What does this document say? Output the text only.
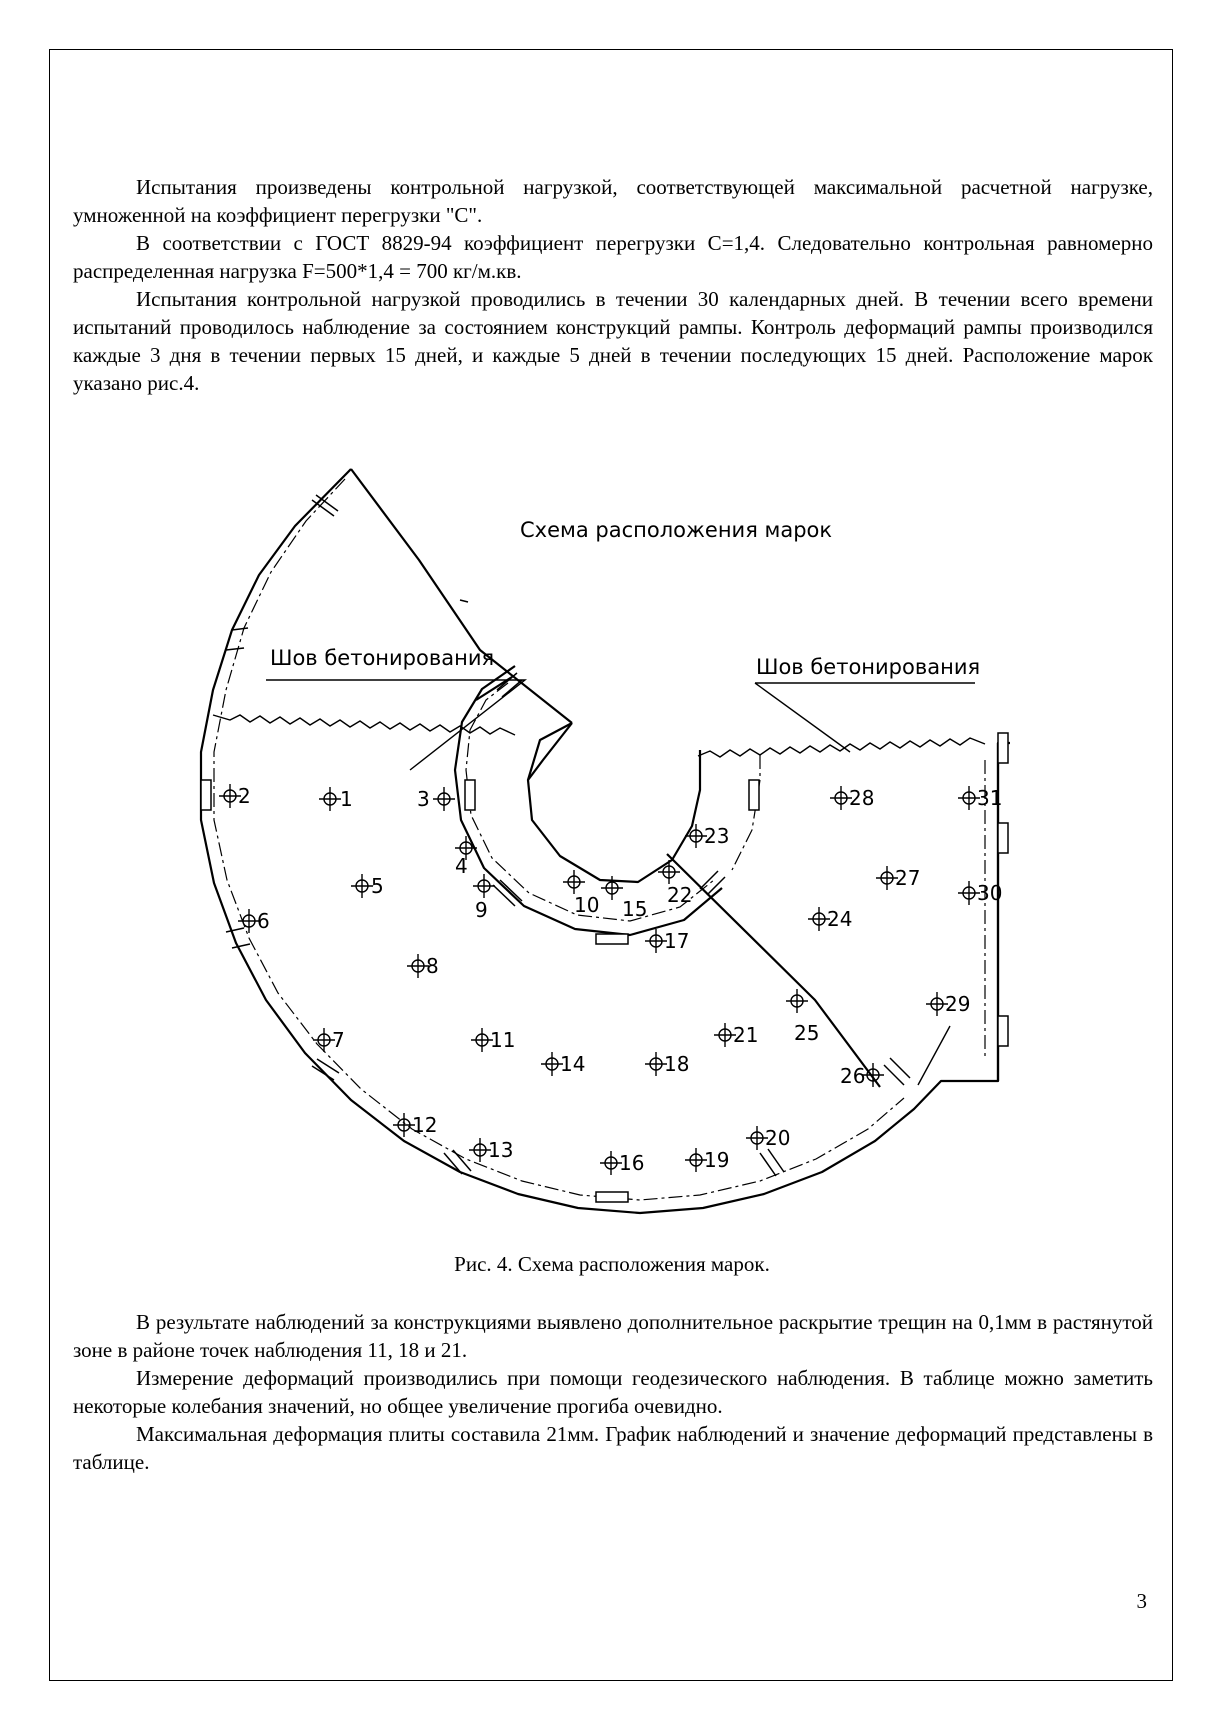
Испытания произведены контрольной нагрузкой, соответствующей максимальной расчетной нагрузке, умноженной на коэффициент перегрузки "С".

В соответствии с ГОСТ 8829-94 коэффициент перегрузки С=1,4. Следовательно контрольная равномерно распределенная нагрузка F=500*1,4 = 700 кг/м.кв.

Испытания контрольной нагрузкой проводились в течении 30 календарных дней. В течении всего времени испытаний проводилось наблюдение за состоянием конструкций рампы. Контроль деформаций рампы производился каждые 3 дня в течении первых 15 дней, и каждые 5 дней в течении последующих 15 дней. Расположение марок указано рис.4.

Схема расположения марок
Шов бетонирования	Шов бетонирования
1
2	3
4
5
6
7
8
9	10
11
12
13
14
15
16
17
18
19
20
21
22
23
24
25
26
27
28
29
30
31
Рис. 4. Схема расположения марок.

В результате наблюдений за конструкциями выявлено дополнительное раскрытие трещин на 0,1мм в растянутой зоне в районе точек наблюдения 11, 18 и 21.

Измерение деформаций производились при помощи геодезического наблюдения. В таблице можно заметить некоторые колебания значений, но общее увеличение прогиба очевидно.

Максимальная деформация плиты составила 21мм. График наблюдений и значение деформаций представлены в таблице.

3
